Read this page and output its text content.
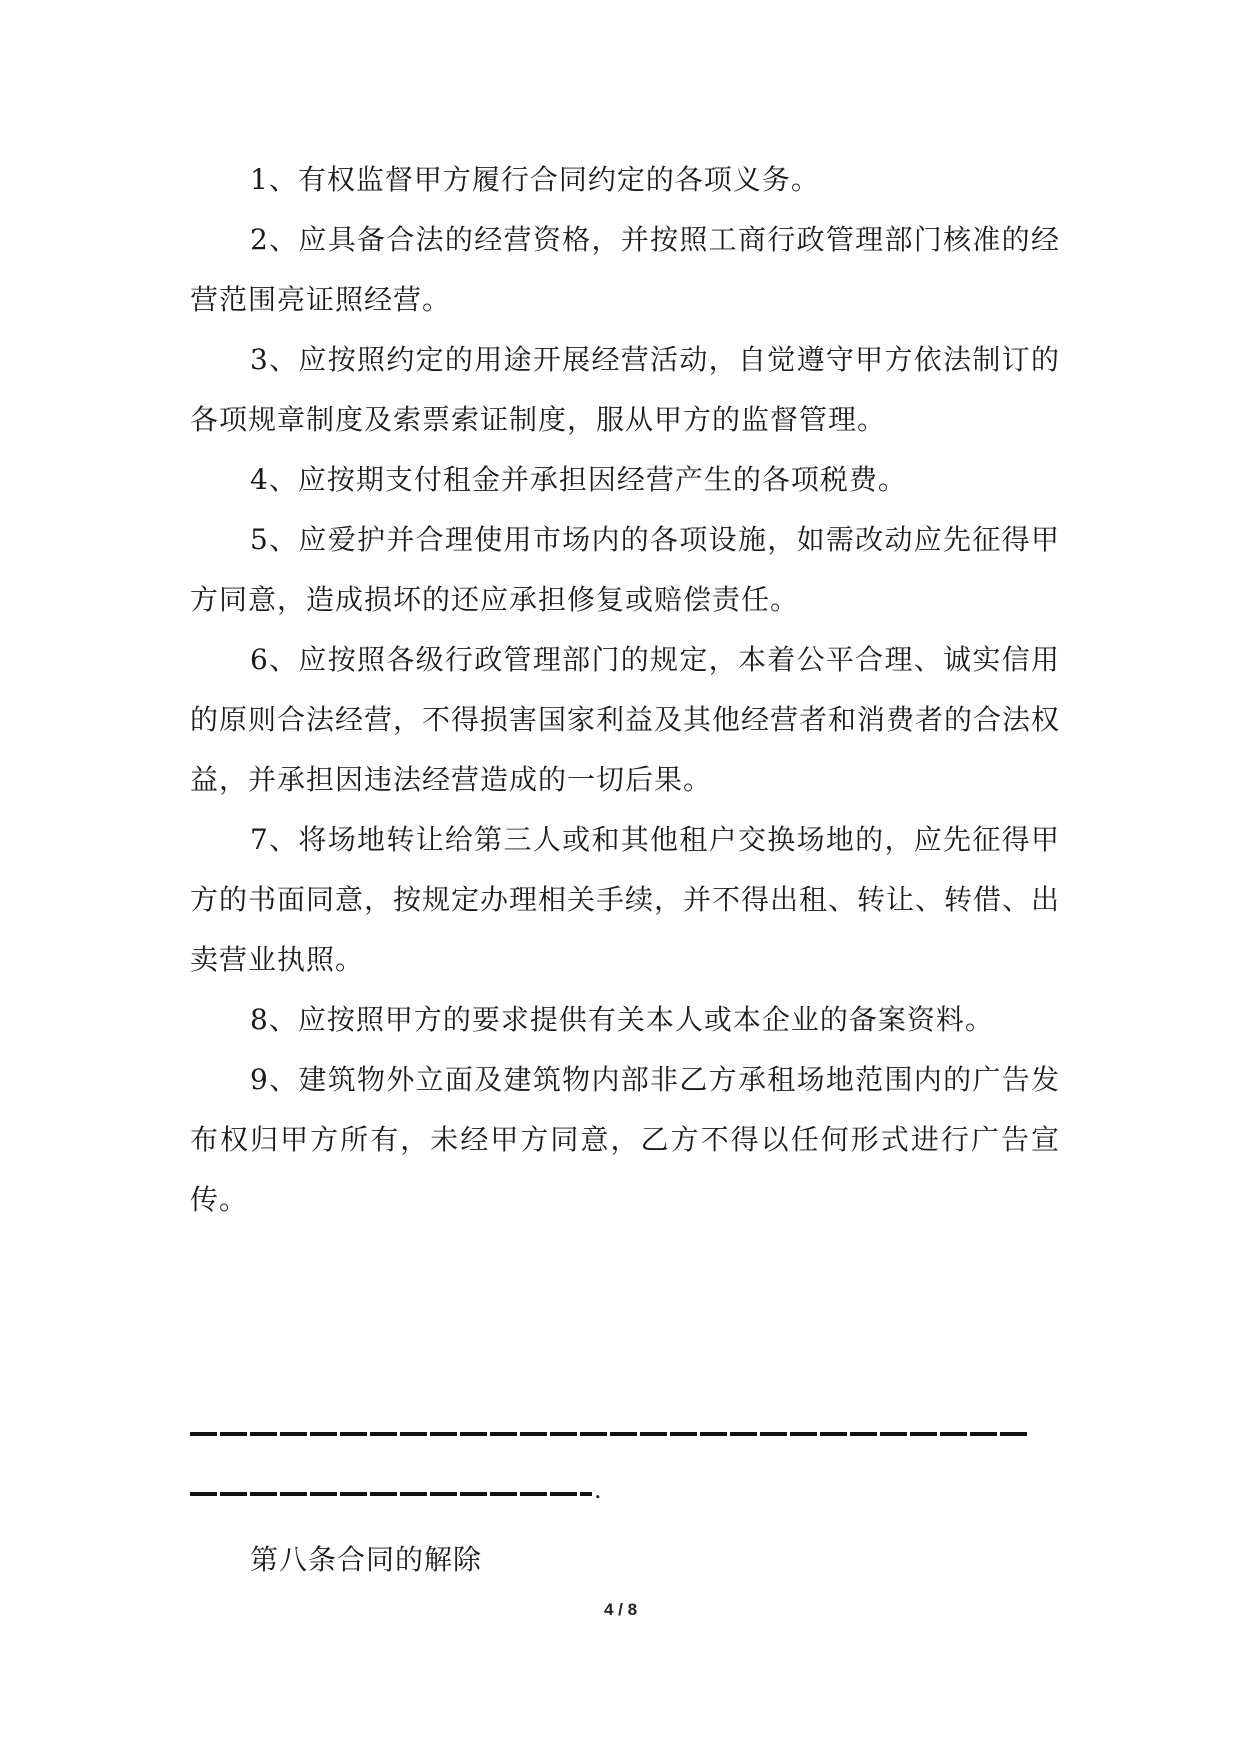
1、有权监督甲方履行合同约定的各项义务。

2、应具备合法的经营资格，并按照工商行政管理部门核准的经营范围亮证照经营。

3、应按照约定的用途开展经营活动，自觉遵守甲方依法制订的各项规章制度及索票索证制度，服从甲方的监督管理。

4、应按期支付租金并承担因经营产生的各项税费。

5、应爱护并合理使用市场内的各项设施，如需改动应先征得甲方同意，造成损坏的还应承担修复或赔偿责任。

6、应按照各级行政管理部门的规定，本着公平合理、诚实信用的原则合法经营，不得损害国家利益及其他经营者和消费者的合法权益，并承担因违法经营造成的一切后果。

7、将场地转让给第三人或和其他租户交换场地的，应先征得甲方的书面同意，按规定办理相关手续，并不得出租、转让、转借、出卖营业执照。

8、应按照甲方的要求提供有关本人或本企业的备案资料。

9、建筑物外立面及建筑物内部非乙方承租场地范围内的广告发布权归甲方所有，未经甲方同意，乙方不得以任何形式进行广告宣传。

.

第八条合同的解除

4 / 8
